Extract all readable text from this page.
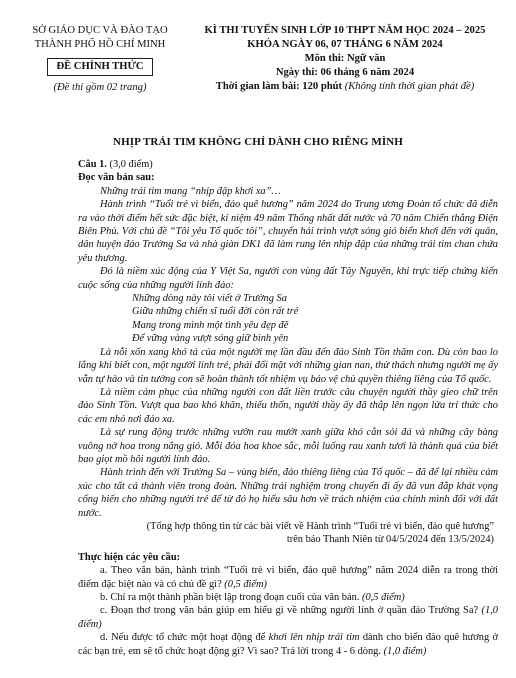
SỞ GIÁO DỤC VÀ ĐÀO TẠO
THÀNH PHỐ HỒ CHÍ MINH
ĐỀ CHÍNH THỨC
(Đề thi gồm 02 trang)
KÌ THI TUYỂN SINH LỚP 10 THPT NĂM HỌC 2024 – 2025
KHÓA NGÀY 06, 07 THÁNG 6 NĂM 2024
Môn thi: Ngữ văn
Ngày thi: 06 tháng 6 năm 2024
Thời gian làm bài: 120 phút (Không tính thời gian phát đề)
NHỊP TRÁI TIM KHÔNG CHỈ DÀNH CHO RIÊNG MÌNH

Câu 1. (3,0 điểm)

Đọc văn bản sau:

Những trái tim mang “nhịp đập khơi xa”…

Hành trình “Tuổi trẻ vì biển, đảo quê hương” năm 2024 do Trung ương Đoàn tổ chức đã diễn ra vào thời điểm hết sức đặc biệt, kỉ niệm 49 năm Thống nhất đất nước và 70 năm Chiến thắng Điện Biên Phủ. Với chủ đề “Tôi yêu Tổ quốc tôi”, chuyến hải trình vượt sóng gió biển khơi đến với quân, dân huyện đảo Trường Sa và nhà giàn DK1 đã làm rung lên nhịp đập của những trái tim chan chứa yêu thương.

Đó là niềm xúc động của Y Việt Sa, người con vùng đất Tây Nguyên, khi trực tiếp chứng kiến cuộc sống của những người lính đảo:

Những dòng này tôi viết ở Trường Sa

Giữa những chiến sĩ tuổi đời còn rất trẻ

Mang trong mình một tình yêu đẹp đẽ

Để vững vàng vượt sóng giữ bình yên

Là nỗi xốn xang khó tả của một người mẹ lần đầu đến đảo Sinh Tồn thăm con. Dù còn bao lo lắng khi biết con, một người lính trẻ, phải đối mặt với những gian nan, thử thách nhưng người mẹ ấy vẫn tự hào và tin tưởng con sẽ hoàn thành tốt nhiệm vụ bảo vệ chủ quyền thiêng liêng của Tổ quốc.

Là niềm cảm phục của những người con đất liền trước câu chuyện người thầy gieo chữ trên đảo Sinh Tồn. Vượt qua bao khó khăn, thiếu thốn, người thầy ấy đã thắp lên ngọn lửa tri thức cho các em nhỏ nơi đảo xa.

Là sự rung động trước những vườn rau mướt xanh giữa khó cằn sỏi đá và những cây bàng vuông nở hoa trong nắng gió. Mỗi đóa hoa khoe sắc, mỗi luống rau xanh tươi là thành quả của biết bao giọt mồ hôi người lính đảo.

Hành trình đến với Trường Sa – vùng biển, đảo thiêng liêng của Tổ quốc – đã để lại nhiều cảm xúc cho tất cả thành viên trong đoàn. Những trải nghiệm trong chuyến đi ấy đã vun đắp khát vọng cống hiến cho những người trẻ để từ đó họ hiểu sâu hơn về trách nhiệm của chính mình đối với đất nước.

(Tổng hợp thông tin từ các bài viết về Hành trình “Tuổi trẻ vì biển, đảo quê hương”

trên báo Thanh Niên từ 04/5/2024 đến 13/5/2024)

Thực hiện các yêu cầu:

a. Theo văn bản, hành trình “Tuổi trẻ vì biển, đảo quê hương” năm 2024 diễn ra trong thời điểm đặc biệt nào và có chủ đề gì? (0,5 điểm)

b. Chỉ ra một thành phần biệt lập trong đoạn cuối của văn bản. (0,5 điểm)

c. Đoạn thơ trong văn bản giúp em hiểu gì về những người lính ở quần đảo Trường Sa? (1,0 điểm)

d. Nếu được tổ chức một hoạt động để khơi lên nhịp trái tim dành cho biển đảo quê hương ở các bạn trẻ, em sẽ tổ chức hoạt động gì? Vì sao? Trả lời trong 4 - 6 dòng. (1,0 điểm)
